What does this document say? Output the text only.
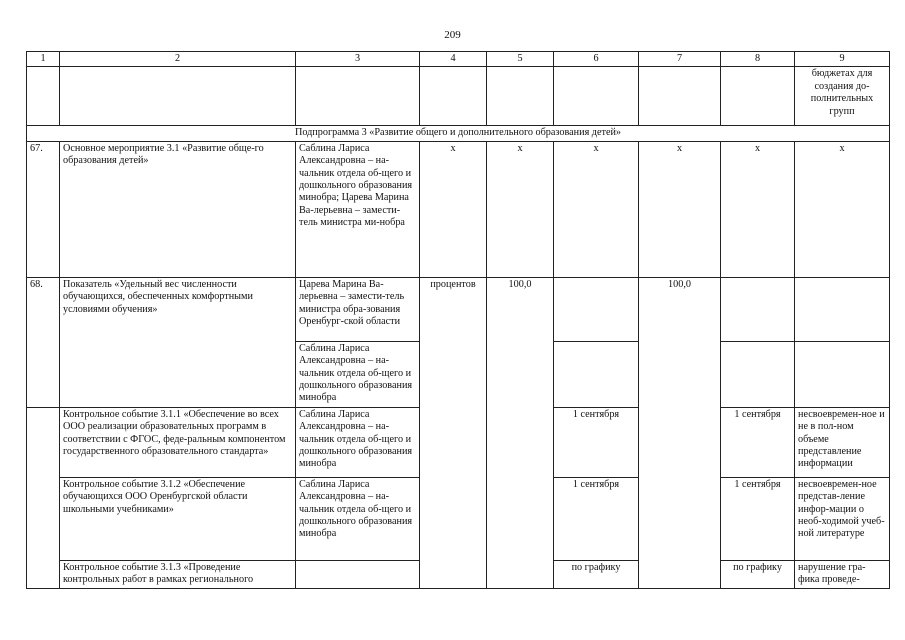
209
1	2	3	4	5	6	7	8	9
								бюджетах для создания до-полнительных групп
Подпрограмма 3 «Развитие общего и дополнительного образования детей»								
67.	Основное мероприятие 3.1 «Развитие обще-го образования детей»	Саблина Лариса Александровна – на-чальник отдела об-щего и дошкольного образования минобра; Царева Марина Ва-лерьевна – замести-тель министра ми-нобра	х	х	х	х	х	х
68.	Показатель «Удельный вес численности обучающихся, обеспеченных комфортными условиями обучения»	Царева Марина Ва-лерьевна – замести-тель министра обра-зования Оренбург-ской области	процентов	100,0		100,0		
		Саблина Лариса Александровна – на-чальник отдела об-щего и дошкольного образования минобра						
	Контрольное событие 3.1.1 «Обеспечение во всех ООО реализации образовательных программ в соответствии с ФГОС, феде-ральным компонентом государственного образовательного стандарта»	Саблина Лариса Александровна – на-чальник отдела об-щего и дошкольного образования минобра			1 сентября		1 сентября	несвоевремен-ное и не в пол-ном объеме представление информации
	Контрольное событие 3.1.2 «Обеспечение обучающихся ООО Оренбургской области школьными учебниками»	Саблина Лариса Александровна – на-чальник отдела об-щего и дошкольного образования минобра			1 сентября		1 сентября	несвоевремен-ное представ-ление инфор-мации о необ-ходимой учеб-ной литературе
	Контрольное событие 3.1.3 «Проведение контрольных работ в рамках регионального				по графику		по графику	нарушение гра-фика проведе-
